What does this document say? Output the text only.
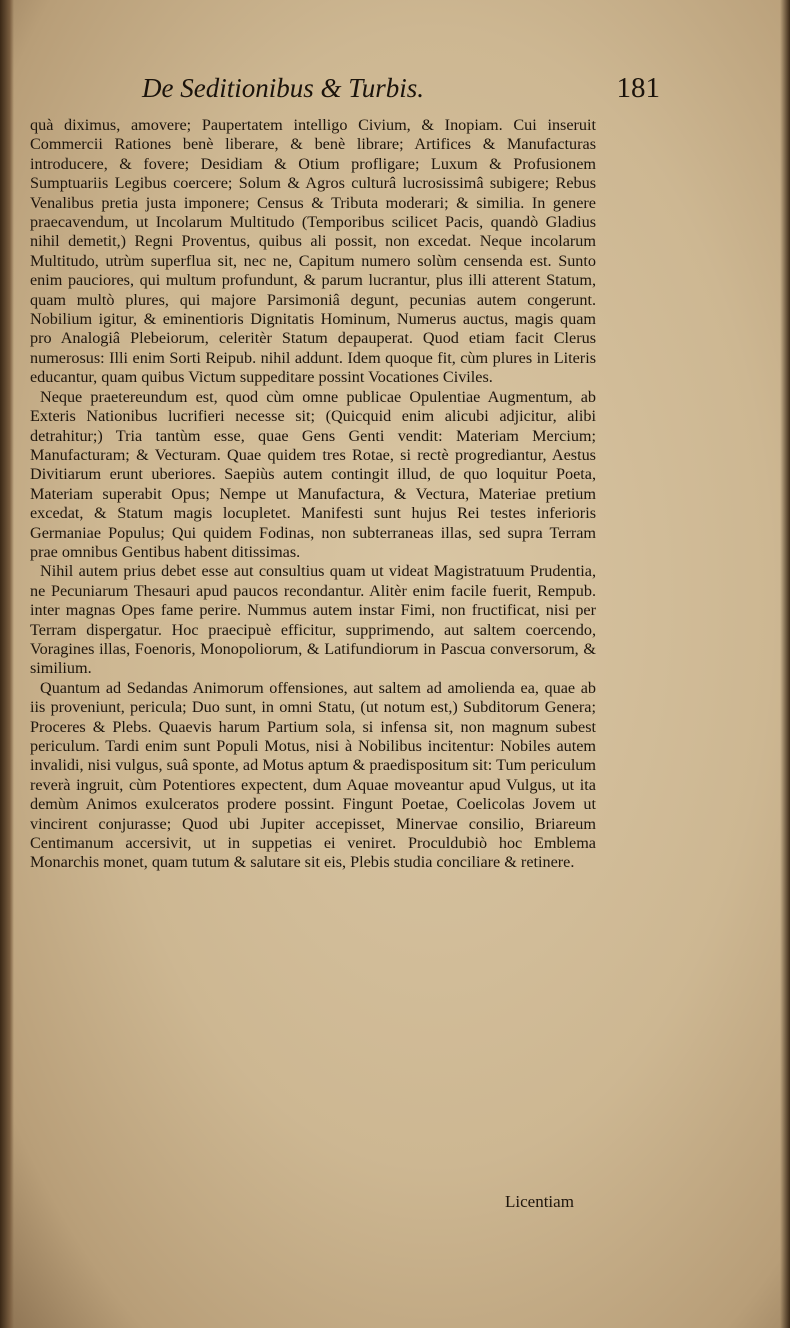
De Seditionibus & Turbis.	181

quà diximus, amovere; Paupertatem intelligo Civium, & Inopiam. Cui inseruit Commercii Rationes benè liberare, & benè librare; Artifices & Manufacturas introducere, & fovere; Desidiam & Otium profligare; Luxum & Profusionem Sumptuariis Legibus coercere; Solum & Agros culturâ lucrosissimâ subigere; Rebus Venalibus pretia justa imponere; Census & Tributa moderari; & similia. In genere praecavendum, ut Incolarum Multitudo (Temporibus scilicet Pacis, quandò Gladius nihil demetit,) Regni Proventus, quibus ali possit, non excedat. Neque incolarum Multitudo, utrùm superflua sit, nec ne, Capitum numero solùm censenda est. Sunto enim pauciores, qui multum profundunt, & parum lucrantur, plus illi atterent Statum, quam multò plures, qui majore Parsimoniâ degunt, pecunias autem congerunt. Nobilium igitur, & eminentioris Dignitatis Hominum, Numerus auctus, magis quam pro Analogiâ Plebeiorum, celeritèr Statum depauperat. Quod etiam facit Clerus numerosus: Illi enim Sorti Reipub. nihil addunt. Idem quoque fit, cùm plures in Literis educantur, quam quibus Victum suppeditare possint Vocationes Civiles.

Neque praetereundum est, quod cùm omne publicae Opulentiae Augmentum, ab Exteris Nationibus lucrifieri necesse sit; (Quicquid enim alicubi adjicitur, alibi detrahitur;) Tria tantùm esse, quae Gens Genti vendit: Materiam Mercium; Manufacturam; & Vecturam. Quae quidem tres Rotae, si rectè progrediantur, Aestus Divitiarum erunt uberiores. Saepiùs autem contingit illud, de quo loquitur Poeta, Materiam superabit Opus; Nempe ut Manufactura, & Vectura, Materiae pretium excedat, & Statum magis locupletet. Manifesti sunt hujus Rei testes inferioris Germaniae Populus; Qui quidem Fodinas, non subterraneas illas, sed supra Terram prae omnibus Gentibus habent ditissimas.

Nihil autem prius debet esse aut consultius quam ut videat Magistratuum Prudentia, ne Pecuniarum Thesauri apud paucos recondantur. Alitèr enim facile fuerit, Rempub. inter magnas Opes fame perire. Nummus autem instar Fimi, non fructificat, nisi per Terram dispergatur. Hoc praecipuè efficitur, supprimendo, aut saltem coercendo, Voragines illas, Foenoris, Monopoliorum, & Latifundiorum in Pascua conversorum, & similium.

Quantum ad Sedandas Animorum offensiones, aut saltem ad amolienda ea, quae ab iis proveniunt, pericula; Duo sunt, in omni Statu, (ut notum est,) Subditorum Genera; Proceres & Plebs. Quaevis harum Partium sola, si infensa sit, non magnum subest periculum. Tardi enim sunt Populi Motus, nisi à Nobilibus incitentur: Nobiles autem invalidi, nisi vulgus, suâ sponte, ad Motus aptum & praedispositum sit: Tum periculum reverà ingruit, cùm Potentiores expectent, dum Aquae moveantur apud Vulgus, ut ita demùm Animos exulceratos prodere possint. Fingunt Poetae, Coelicolas Jovem ut vincirent conjurasse; Quod ubi Jupiter accepisset, Minervae consilio, Briareum Centimanum accersivit, ut in suppetias ei veniret. Proculdubiò hoc Emblema Monarchis monet, quam tutum & salutare sit eis, Plebis studia conciliare & retinere.

Licentiam
